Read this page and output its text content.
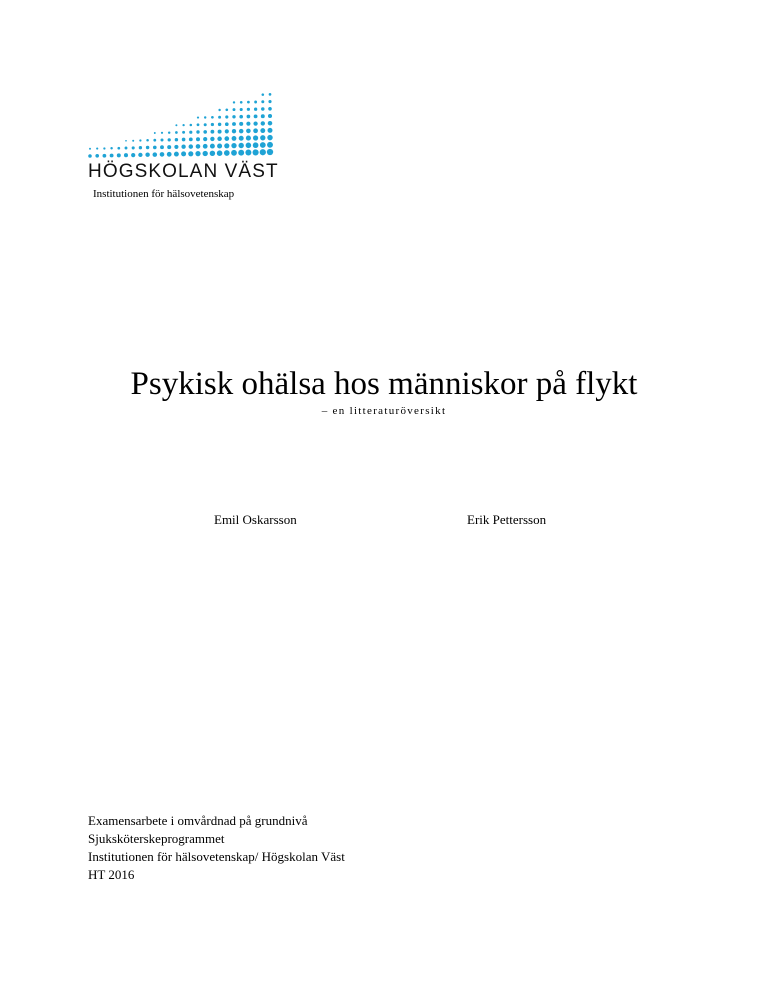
HÖGSKOLAN VÄST
Institutionen för hälsovetenskap
Psykisk ohälsa hos människor på flykt
– en litteraturöversikt
Emil Oskarsson	Erik Pettersson
Examensarbete i omvårdnad på grundnivå
Sjuksköterskeprogrammet
Institutionen för hälsovetenskap/ Högskolan Väst
HT 2016
